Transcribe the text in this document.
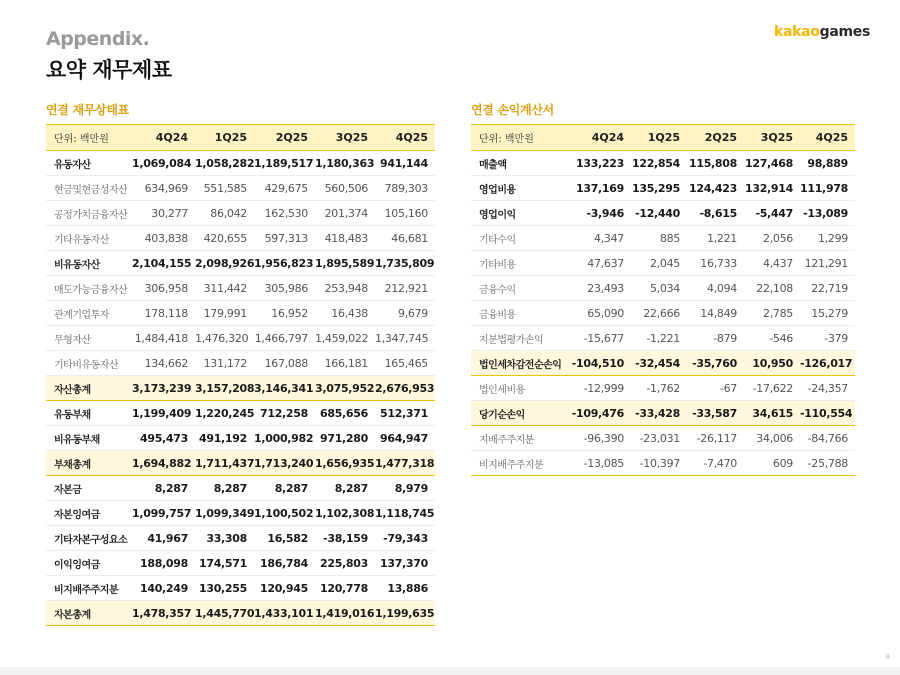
Appendix.
요약 재무제표
kakaogames
연결 재무상태표
단위: 백만원	4Q24	1Q25	2Q25	3Q25	4Q25
유동자산	1,069,084	1,058,282	1,189,517	1,180,363	941,144
현금및현금성자산	634,969	551,585	429,675	560,506	789,303
공정가치금융자산	30,277	86,042	162,530	201,374	105,160
기타유동자산	403,838	420,655	597,313	418,483	46,681
비유동자산	2,104,155	2,098,926	1,956,823	1,895,589	1,735,809
매도가능금융자산	306,958	311,442	305,986	253,948	212,921
관계기업투자	178,118	179,991	16,952	16,438	9,679
무형자산	1,484,418	1,476,320	1,466,797	1,459,022	1,347,745
기타비유동자산	134,662	131,172	167,088	166,181	165,465
자산총계	3,173,239	3,157,208	3,146,341	3,075,952	2,676,953
유동부채	1,199,409	1,220,245	712,258	685,656	512,371
비유동부채	495,473	491,192	1,000,982	971,280	964,947
부채총계	1,694,882	1,711,437	1,713,240	1,656,935	1,477,318
자본금	8,287	8,287	8,287	8,287	8,979
자본잉여금	1,099,757	1,099,349	1,100,502	1,102,308	1,118,745
기타자본구성요소	41,967	33,308	16,582	-38,159	-79,343
이익잉여금	188,098	174,571	186,784	225,803	137,370
비지배주주지분	140,249	130,255	120,945	120,778	13,886
자본총계	1,478,357	1,445,770	1,433,101	1,419,016	1,199,635
연결 손익계산서
단위: 백만원	4Q24	1Q25	2Q25	3Q25	4Q25
매출액	133,223	122,854	115,808	127,468	98,889
영업비용	137,169	135,295	124,423	132,914	111,978
영업이익	-3,946	-12,440	-8,615	-5,447	-13,089
기타수익	4,347	885	1,221	2,056	1,299
기타비용	47,637	2,045	16,733	4,437	121,291
금융수익	23,493	5,034	4,094	22,108	22,719
금융비용	65,090	22,666	14,849	2,785	15,279
지분법평가손익	-15,677	-1,221	-879	-546	-379
법인세차감전순손익	-104,510	-32,454	-35,760	10,950	-126,017
법인세비용	-12,999	-1,762	-67	-17,622	-24,357
당기순손익	-109,476	-33,428	-33,587	34,615	-110,554
지배주주지분	-96,390	-23,031	-26,117	34,006	-84,766
비지배주주지분	-13,085	-10,397	-7,470	609	-25,788
8
